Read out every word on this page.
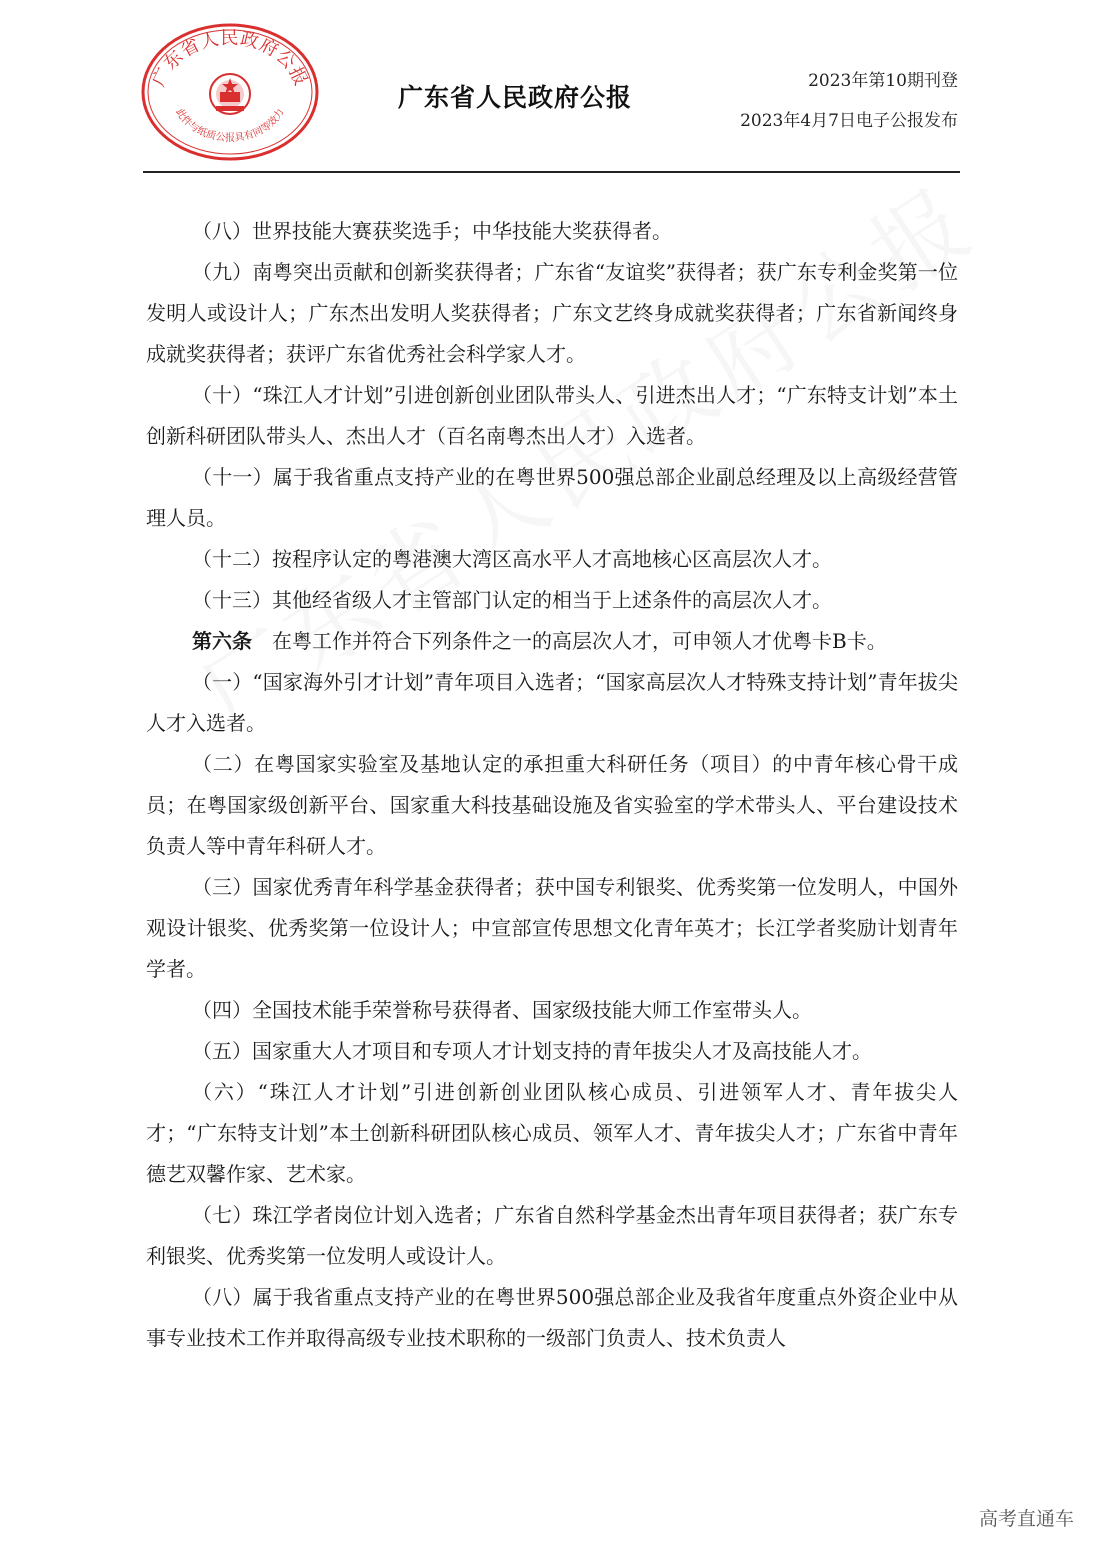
广东省人民政府公报
此件与纸质公报具有同等效力
广东省人民政府公报
2023年第10期刊登
2023年4月7日电子公报发布

（八）世界技能大赛获奖选手；中华技能大奖获得者。

（九）南粤突出贡献和创新奖获得者；广东省“友谊奖”获得者；获广东专利金奖第一位发明人或设计人；广东杰出发明人奖获得者；广东文艺终身成就奖获得者；广东省新闻终身成就奖获得者；获评广东省优秀社会科学家人才。

（十）“珠江人才计划”引进创新创业团队带头人、引进杰出人才；“广东特支计划”本土创新科研团队带头人、杰出人才（百名南粤杰出人才）入选者。

（十一）属于我省重点支持产业的在粤世界500强总部企业副总经理及以上高级经营管理人员。

（十二）按程序认定的粤港澳大湾区高水平人才高地核心区高层次人才。

（十三）其他经省级人才主管部门认定的相当于上述条件的高层次人才。

第六条　在粤工作并符合下列条件之一的高层次人才，可申领人才优粤卡B卡。

（一）“国家海外引才计划”青年项目入选者；“国家高层次人才特殊支持计划”青年拔尖人才入选者。

（二）在粤国家实验室及基地认定的承担重大科研任务（项目）的中青年核心骨干成员；在粤国家级创新平台、国家重大科技基础设施及省实验室的学术带头人、平台建设技术负责人等中青年科研人才。

（三）国家优秀青年科学基金获得者；获中国专利银奖、优秀奖第一位发明人，中国外观设计银奖、优秀奖第一位设计人；中宣部宣传思想文化青年英才；长江学者奖励计划青年学者。

（四）全国技术能手荣誉称号获得者、国家级技能大师工作室带头人。

（五）国家重大人才项目和专项人才计划支持的青年拔尖人才及高技能人才。

（六）“珠江人才计划”引进创新创业团队核心成员、引进领军人才、青年拔尖人才；“广东特支计划”本土创新科研团队核心成员、领军人才、青年拔尖人才；广东省中青年德艺双馨作家、艺术家。

（七）珠江学者岗位计划入选者；广东省自然科学基金杰出青年项目获得者；获广东专利银奖、优秀奖第一位发明人或设计人。

（八）属于我省重点支持产业的在粤世界500强总部企业及我省年度重点外资企业中从事专业技术工作并取得高级专业技术职称的一级部门负责人、技术负责人

高考直通车
